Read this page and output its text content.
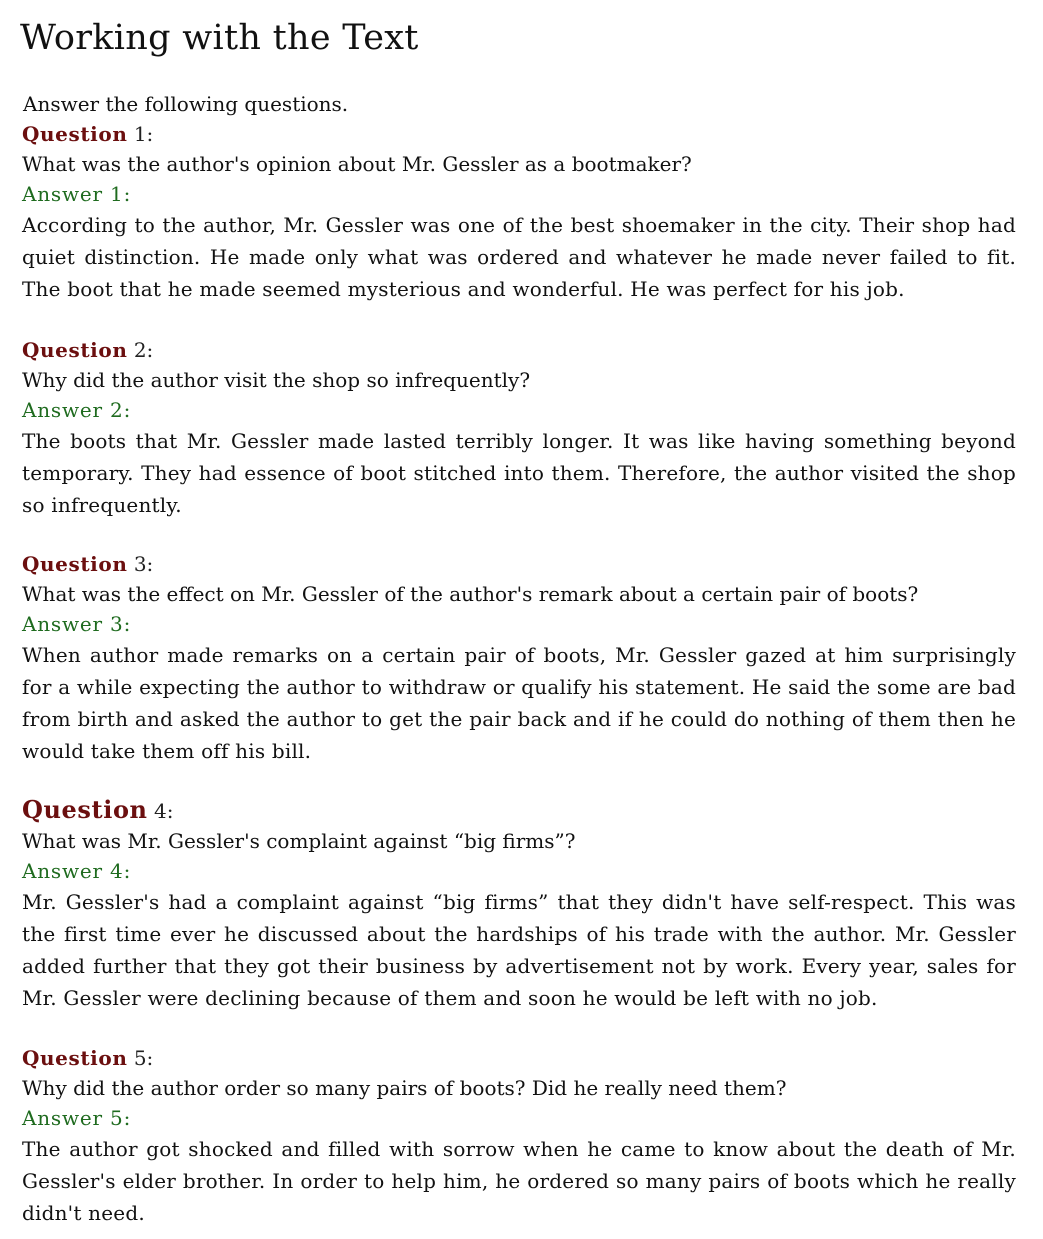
Working with the Text
Answer the following questions.
Question 1:
What was the author's opinion about Mr. Gessler as a bootmaker?
Answer 1:
According to the author, Mr. Gessler was one of the best shoemaker in the city. Their shop had quiet distinction. He made only what was ordered and whatever he made never failed to fit. The boot that he made seemed mysterious and wonderful. He was perfect for his job.
Question 2:
Why did the author visit the shop so infrequently?
Answer 2:
The boots that Mr. Gessler made lasted terribly longer. It was like having something beyond temporary. They had essence of boot stitched into them. Therefore, the author visited the shop so infrequently.
Question 3:
What was the effect on Mr. Gessler of the author's remark about a certain pair of boots?
Answer 3:
When author made remarks on a certain pair of boots, Mr. Gessler gazed at him surprisingly for a while expecting the author to withdraw or qualify his statement. He said the some are bad from birth and asked the author to get the pair back and if he could do nothing of them then he would take them off his bill.
Question 4:
What was Mr. Gessler's complaint against “big firms”?
Answer 4:
Mr. Gessler's had a complaint against “big firms” that they didn't have self-respect. This was the first time ever he discussed about the hardships of his trade with the author. Mr. Gessler added further that they got their business by advertisement not by work. Every year, sales for Mr. Gessler were declining because of them and soon he would be left with no job.
Question 5:
Why did the author order so many pairs of boots? Did he really need them?
Answer 5:
The author got shocked and filled with sorrow when he came to know about the death of Mr. Gessler's elder brother. In order to help him, he ordered so many pairs of boots which he really didn't need.
